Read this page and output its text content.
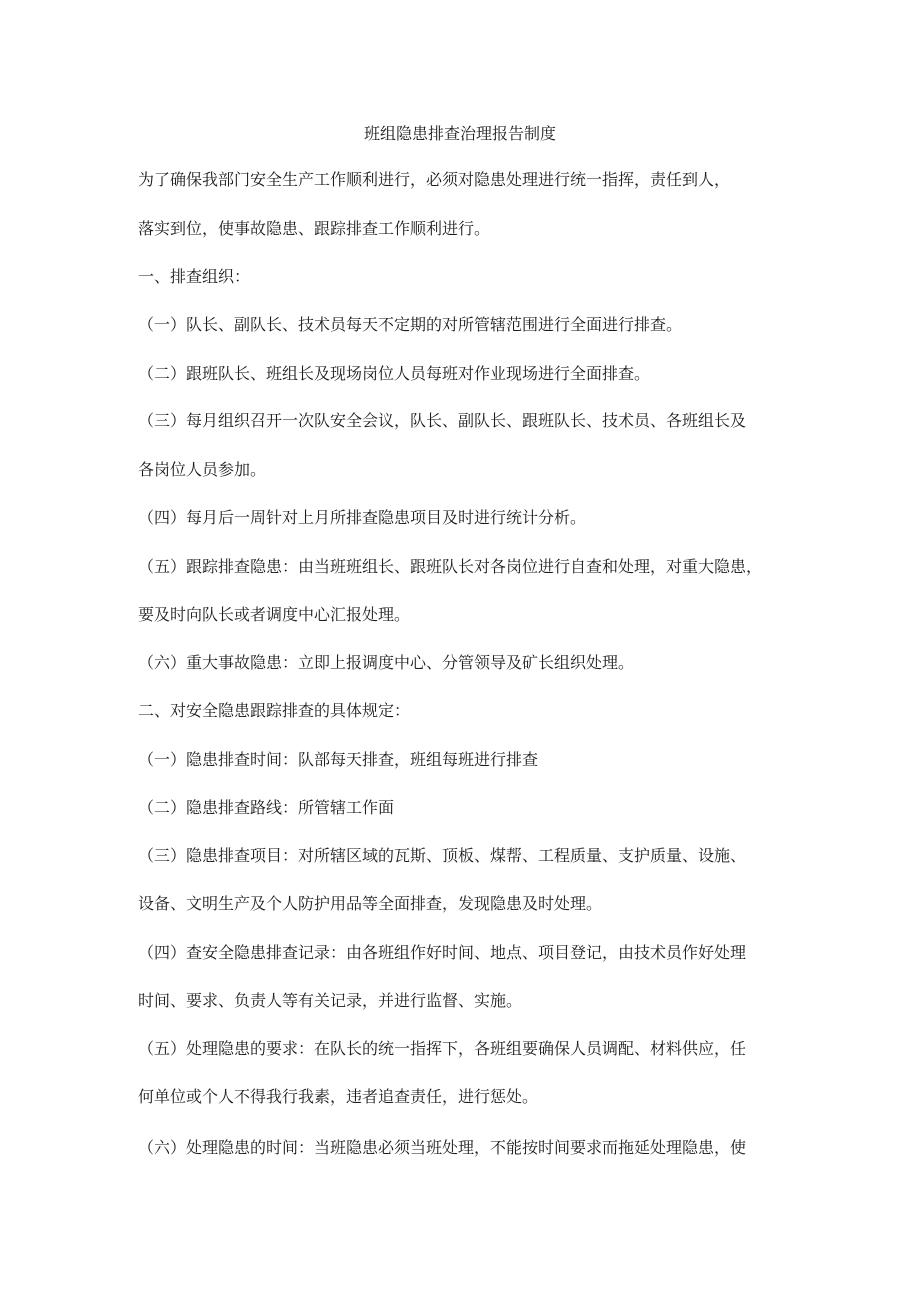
班组隐患排查治理报告制度
为了确保我部门安全生产工作顺利进行，必须对隐患处理进行统一指挥，责任到人，
落实到位，使事故隐患、跟踪排查工作顺利进行。
一、排查组织：
（一）队长、副队长、技术员每天不定期的对所管辖范围进行全面进行排查。
（二）跟班队长、班组长及现场岗位人员每班对作业现场进行全面排查。
（三）每月组织召开一次队安全会议，队长、副队长、跟班队长、技术员、各班组长及
各岗位人员参加。
（四）每月后一周针对上月所排查隐患项目及时进行统计分析。
（五）跟踪排查隐患：由当班班组长、跟班队长对各岗位进行自查和处理，对重大隐患，
要及时向队长或者调度中心汇报处理。
（六）重大事故隐患：立即上报调度中心、分管领导及矿长组织处理。
二、对安全隐患跟踪排查的具体规定：
（一）隐患排查时间：队部每天排查，班组每班进行排查
（二）隐患排查路线：所管辖工作面
（三）隐患排查项目：对所辖区域的瓦斯、顶板、煤帮、工程质量、支护质量、设施、
设备、文明生产及个人防护用品等全面排查，发现隐患及时处理。
（四）查安全隐患排查记录：由各班组作好时间、地点、项目登记，由技术员作好处理
时间、要求、负责人等有关记录，并进行监督、实施。
（五）处理隐患的要求：在队长的统一指挥下，各班组要确保人员调配、材料供应，任
何单位或个人不得我行我素，违者追查责任，进行惩处。
（六）处理隐患的时间：当班隐患必须当班处理，不能按时间要求而拖延处理隐患，使
